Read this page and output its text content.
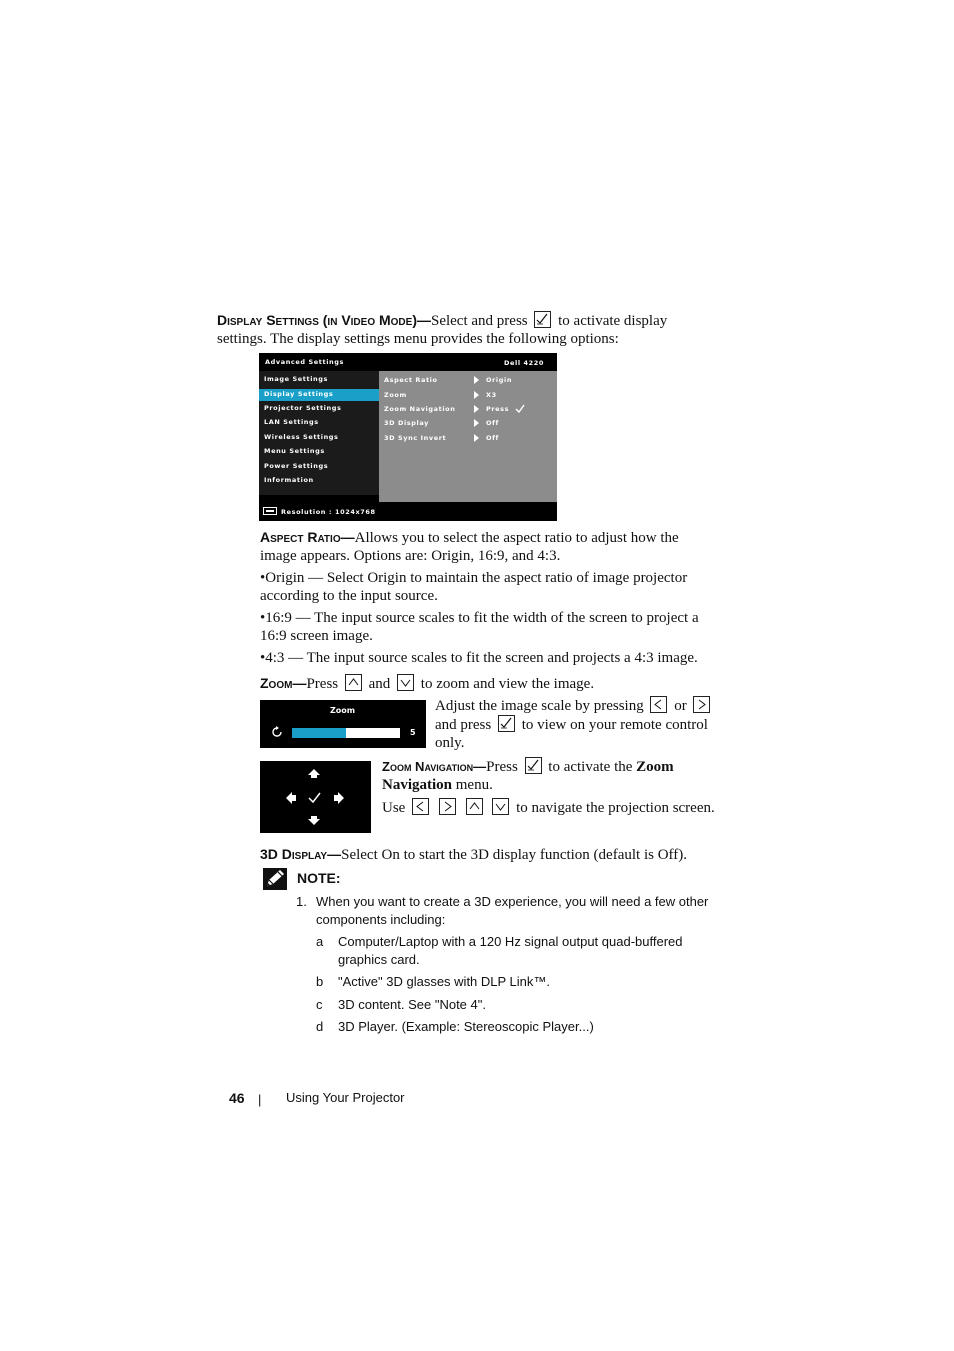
Display Settings (in Video Mode)—Select and press to activate display
settings. The display settings menu provides the following options:
Advanced Settings	Dell 4220
Image Settings
Display Settings
Projector Settings
LAN Settings
Wireless Settings
Menu Settings
Power Settings
Information
Aspect Ratio
Zoom
Zoom Navigation
3D Display
3D Sync Invert
Origin
X3
Press
Off
Off
Resolution : 1024x768
Aspect Ratio—Allows you to select the aspect ratio to adjust how the
image appears. Options are: Origin, 16:9, and 4:3.
•Origin — Select Origin to maintain the aspect ratio of image projector
according to the input source.
•16:9 — The input source scales to fit the width of the screen to project a
16:9 screen image.
•4:3 — The input source scales to fit the screen and projects a 4:3 image.
Zoom—Press and to zoom and view the image.
Zoom
5
Adjust the image scale by pressing or
and press to view on your remote control
only.
Zoom Navigation—Press to activate the Zoom
Navigation menu.
Use

	to navigate the projection screen.
3D Display—Select On to start the 3D display function (default is Off).
NOTE:
1. When you want to create a 3D experience, you will need a few other
components including:
a Computer/Laptop with a 120 Hz signal output quad-buffered
graphics card.
b "Active" 3D glasses with DLP Link™.
c 3D content. See "Note 4".
d 3D Player. (Example: Stereoscopic Player...)
46 | Using Your Projector
